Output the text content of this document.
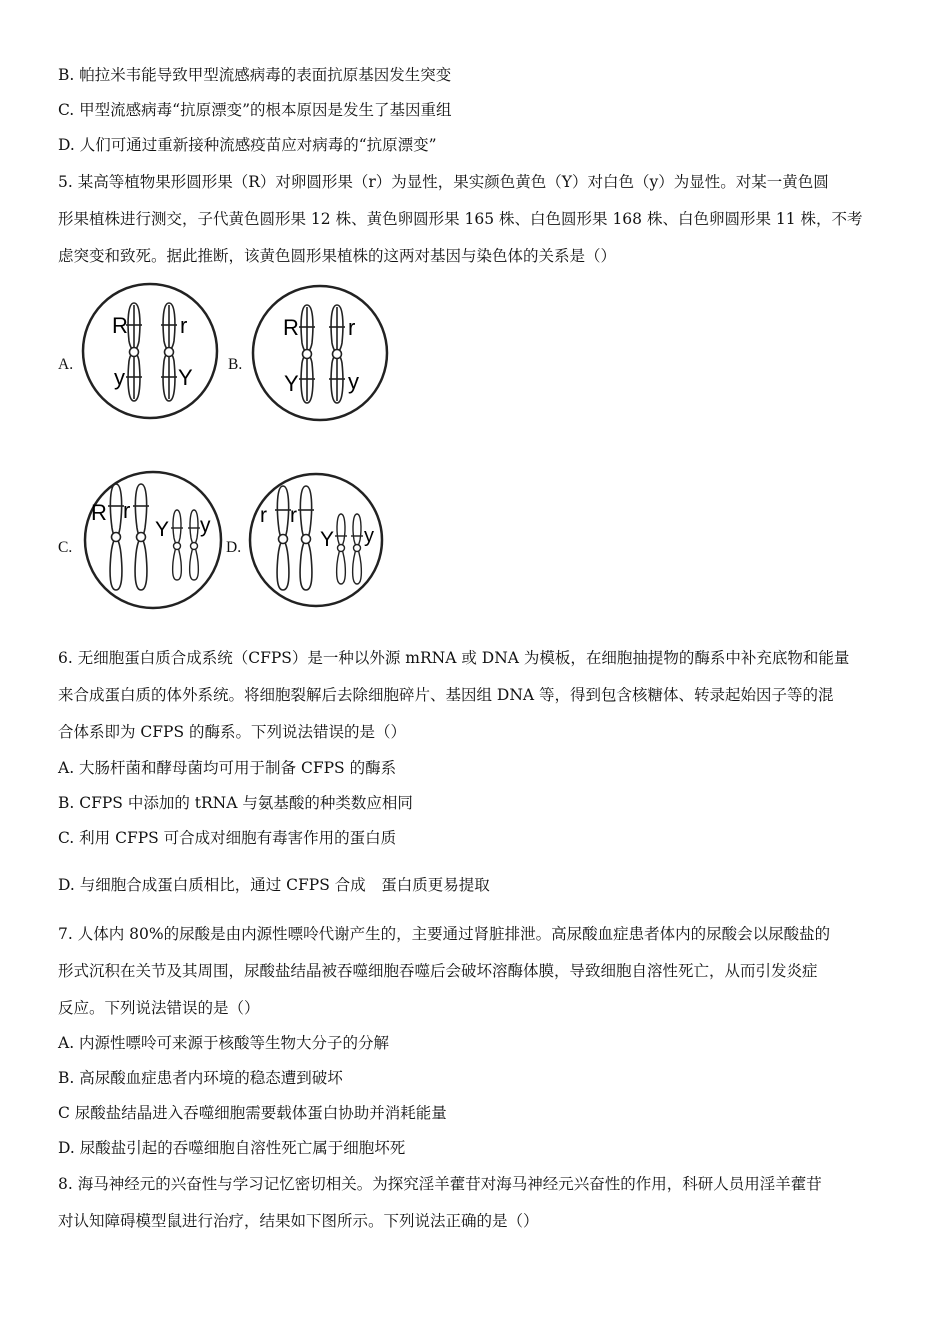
B. 帕拉米韦能导致甲型流感病毒的表面抗原基因发生突变
C. 甲型流感病毒“抗原漂变”的根本原因是发生了基因重组
D. 人们可通过重新接种流感疫苗应对病毒的“抗原漂变”
5. 某高等植物果形圆形果（R）对卵圆形果（r）为显性，果实颜色黄色（Y）对白色（y）为显性。对某一黄色圆
形果植株进行测交，子代黄色圆形果 12 株、黄色卵圆形果 165 株、白色圆形果 168 株、白色卵圆形果 11 株，不考
虑突变和致死。据此推断，该黄色圆形果植株的这两对基因与染色体的关系是（）
A.
R r
y Y
B.
R r
Y y
C.
R r
Y y
D.
r r
Y y
6. 无细胞蛋白质合成系统（CFPS）是一种以外源 mRNA 或 DNA 为模板，在细胞抽提物的酶系中补充底物和能量
来合成蛋白质的体外系统。将细胞裂解后去除细胞碎片、基因组 DNA 等，得到包含核糖体、转录起始因子等的混
合体系即为 CFPS 的酶系。下列说法错误的是（）
A. 大肠杆菌和酵母菌均可用于制备 CFPS 的酶系
B. CFPS 中添加的 tRNA 与氨基酸的种类数应相同
C. 利用 CFPS 可合成对细胞有毒害作用的蛋白质
D. 与细胞合成蛋白质相比，通过 CFPS 合成　蛋白质更易提取
7. 人体内 80%的尿酸是由内源性嘌呤代谢产生的，主要通过肾脏排泄。高尿酸血症患者体内的尿酸会以尿酸盐的
形式沉积在关节及其周围，尿酸盐结晶被吞噬细胞吞噬后会破坏溶酶体膜，导致细胞自溶性死亡，从而引发炎症
反应。下列说法错误的是（）
A. 内源性嘌呤可来源于核酸等生物大分子的分解
B. 高尿酸血症患者内环境的稳态遭到破坏
C 尿酸盐结晶进入吞噬细胞需要载体蛋白协助并消耗能量
D. 尿酸盐引起的吞噬细胞自溶性死亡属于细胞坏死
8. 海马神经元的兴奋性与学习记忆密切相关。为探究淫羊藿苷对海马神经元兴奋性的作用，科研人员用淫羊藿苷
对认知障碍模型鼠进行治疗，结果如下图所示。下列说法正确的是（）
